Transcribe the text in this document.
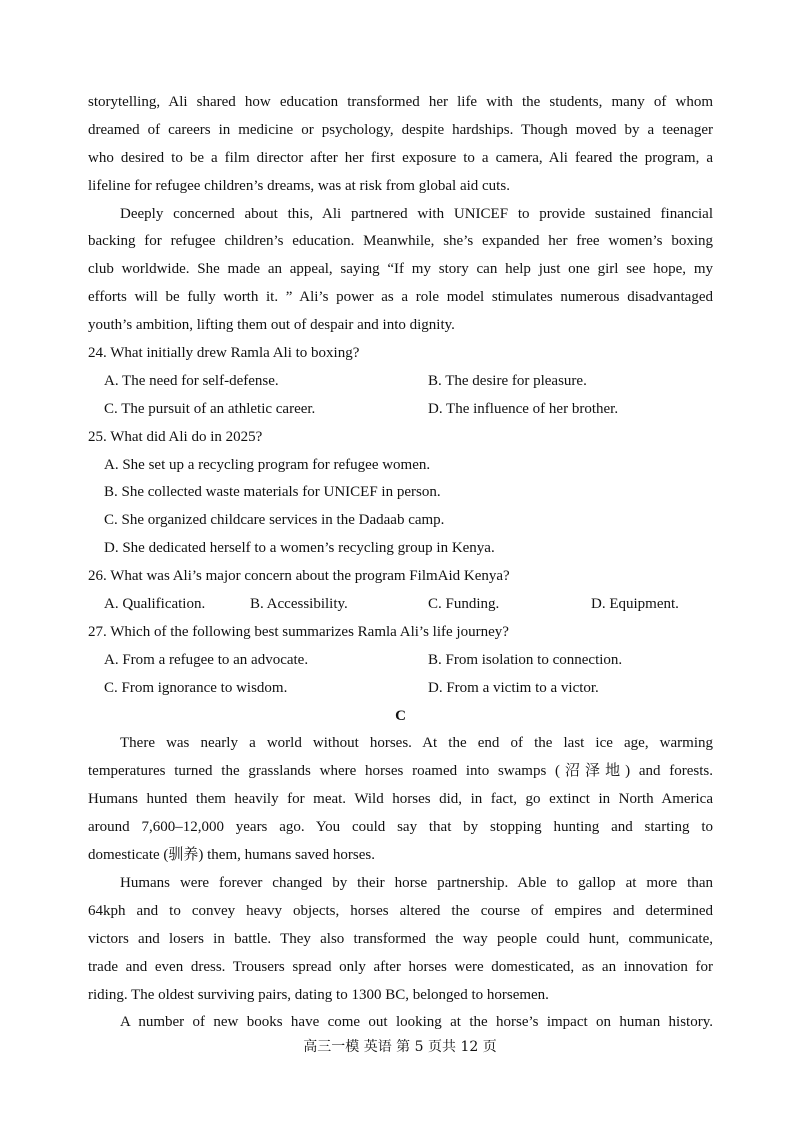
storytelling, Ali shared how education transformed her life with the students, many of whom
dreamed of careers in medicine or psychology, despite hardships. Though moved by a teenager
who desired to be a film director after her first exposure to a camera, Ali feared the program, a
lifeline for refugee children’s dreams, was at risk from global aid cuts.
Deeply concerned about this, Ali partnered with UNICEF to provide sustained financial
backing for refugee children’s education. Meanwhile, she’s expanded her free women’s boxing
club worldwide. She made an appeal, saying “If my story can help just one girl see hope, my
efforts will be fully worth it. ” Ali’s power as a role model stimulates numerous disadvantaged
youth’s ambition, lifting them out of despair and into dignity.
24. What initially drew Ramla Ali to boxing?
A. The need for self-defense.	B. The desire for pleasure.
C. The pursuit of an athletic career.	D. The influence of her brother.
25. What did Ali do in 2025?
A. She set up a recycling program for refugee women.
B. She collected waste materials for UNICEF in person.
C. She organized childcare services in the Dadaab camp.
D. She dedicated herself to a women’s recycling group in Kenya.
26. What was Ali’s major concern about the program FilmAid Kenya?
A. Qualification.	B. Accessibility.	C. Funding.	D. Equipment.
27. Which of the following best summarizes Ramla Ali’s life journey?
A. From a refugee to an advocate.	B. From isolation to connection.
C. From ignorance to wisdom.	D. From a victim to a victor.
C
There was nearly a world without horses. At the end of the last ice age, warming
temperatures turned the grasslands where horses roamed into swamps (沼泽地) and forests.
Humans hunted them heavily for meat. Wild horses did, in fact, go extinct in North America
around 7,600–12,000 years ago. You could say that by stopping hunting and starting to
domesticate (驯养) them, humans saved horses.
Humans were forever changed by their horse partnership. Able to gallop at more than
64kph and to convey heavy objects, horses altered the course of empires and determined
victors and losers in battle. They also transformed the way people could hunt, communicate,
trade and even dress. Trousers spread only after horses were domesticated, as an innovation for
riding. The oldest surviving pairs, dating to 1300 BC, belonged to horsemen.
A number of new books have come out looking at the horse’s impact on human history.
高三一模 英语 第 5 页共 12 页
